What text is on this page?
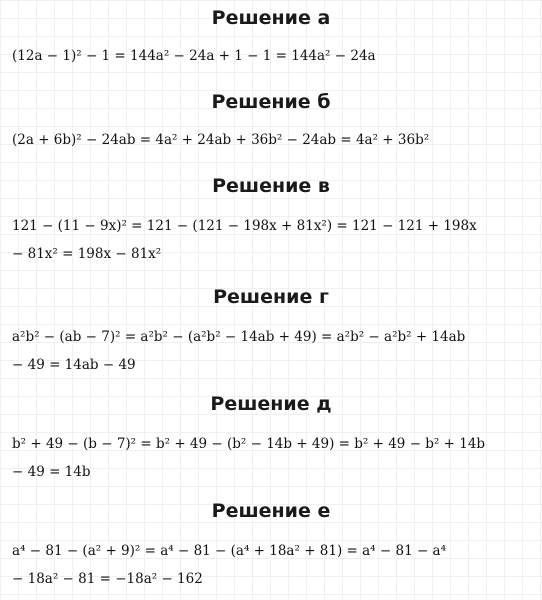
Решение а

(12a − 1)² − 1 = 144a² − 24a + 1 − 1 = 144a² − 24a

Решение б

(2a + 6b)² − 24ab = 4a² + 24ab + 36b² − 24ab = 4a² + 36b²

Решение в

121 − (11 − 9x)² = 121 − (121 − 198x + 81x²) = 121 − 121 + 198x

− 81x² = 198x − 81x²

Решение г

a²b² − (ab − 7)² = a²b² − (a²b² − 14ab + 49) = a²b² − a²b² + 14ab

− 49 = 14ab − 49

Решение д

b² + 49 − (b − 7)² = b² + 49 − (b² − 14b + 49) = b² + 49 − b² + 14b

− 49 = 14b

Решение е

a⁴ − 81 − (a² + 9)² = a⁴ − 81 − (a⁴ + 18a² + 81) = a⁴ − 81 − a⁴

− 18a² − 81 = −18a² − 162
